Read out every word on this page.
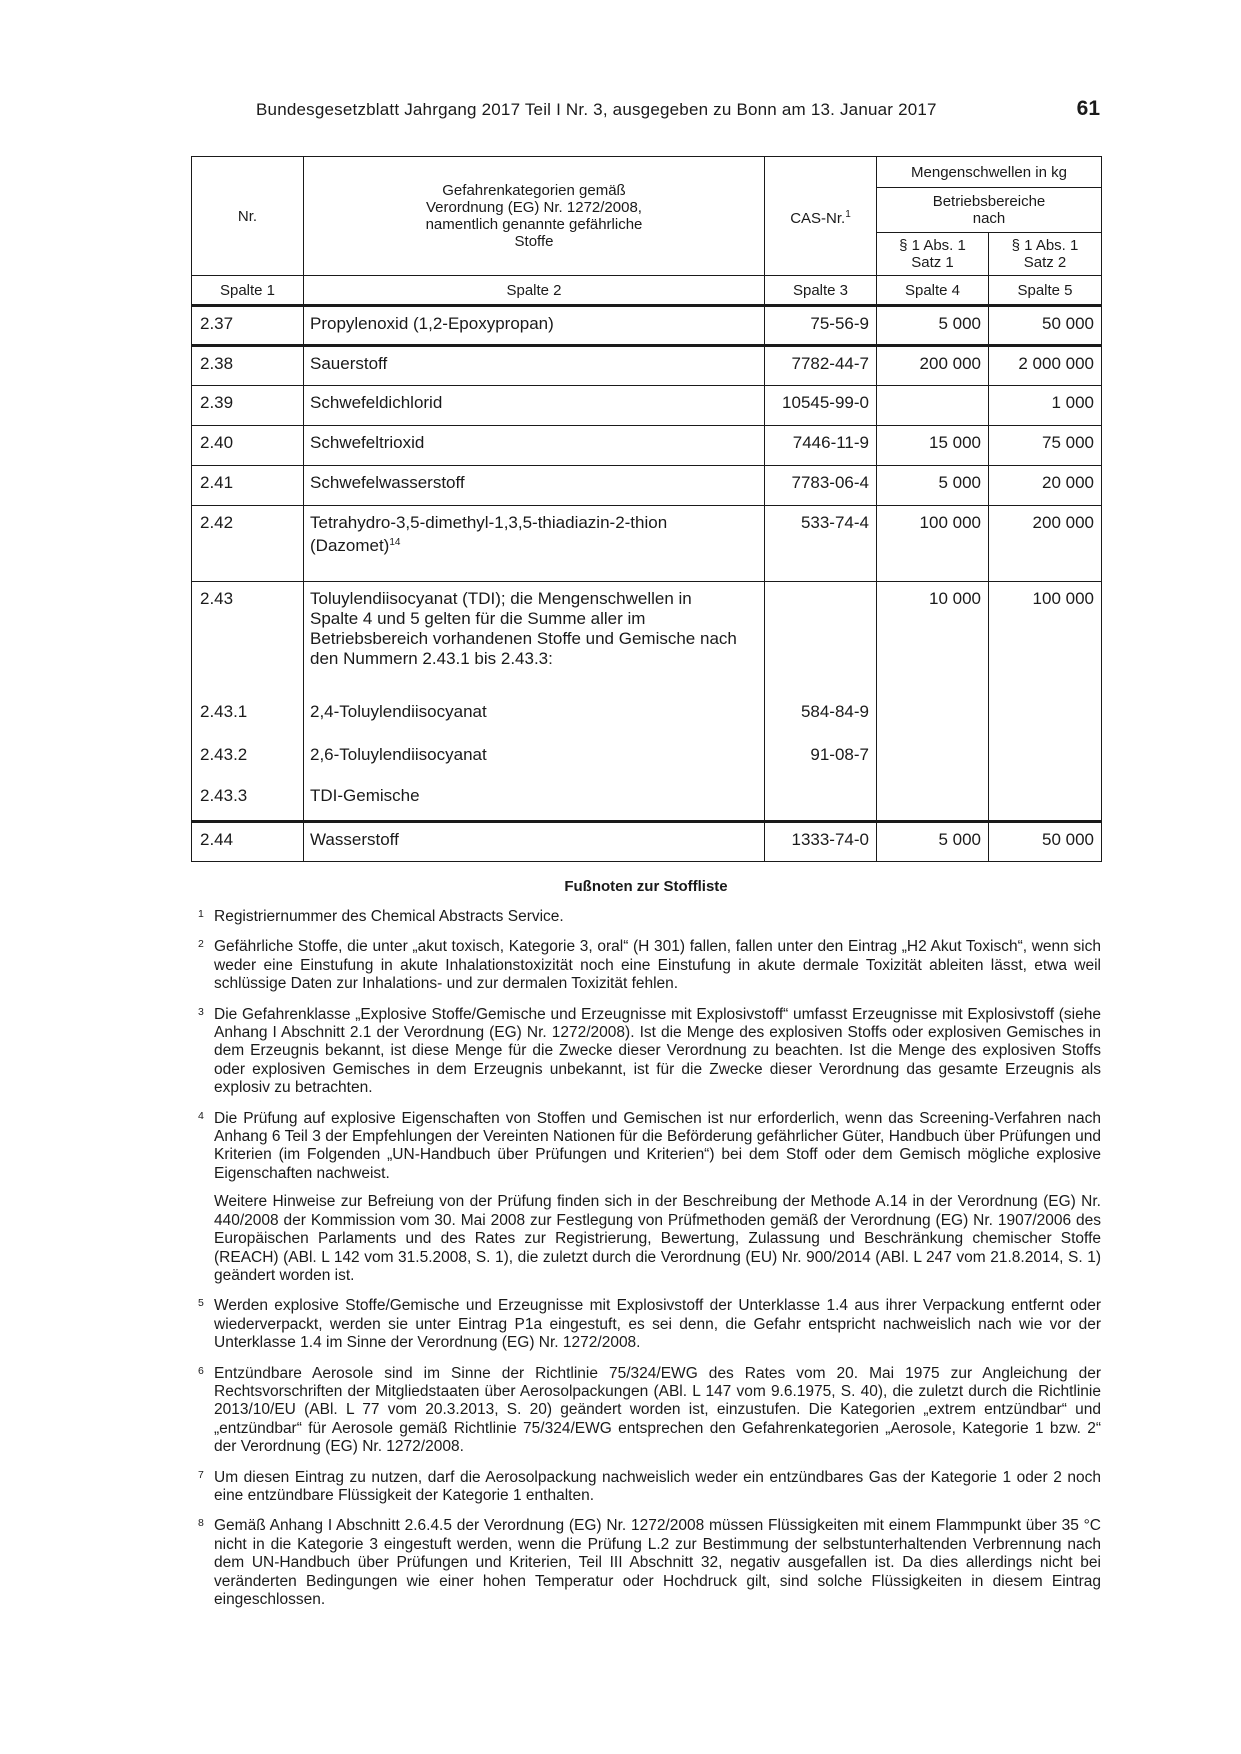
Bundesgesetzblatt Jahrgang 2017 Teil I Nr. 3, ausgegeben zu Bonn am 13. Januar 2017	61
Nr.	Gefahrenkategorien gemäß Verordnung (EG) Nr. 1272/2008, namentlich genannte gefährliche Stoffe	CAS-Nr.$^1$	Mengenschwellen in kg	
			Betriebsbereiche nach	
			§ 1 Abs. 1 Satz 1	§ 1 Abs. 1 Satz 2
Spalte 1	Spalte 2	Spalte 3	Spalte 4	Spalte 5
2.37	Propylenoxid (1,2-Epoxypropan)	75-56-9	5 000	50 000
2.38	Sauerstoff	7782-44-7	200 000	2 000 000
2.39	Schwefeldichlorid	10545-99-0		1 000
2.40	Schwefeltrioxid	7446-11-9	15 000	75 000
2.41	Schwefelwasserstoff	7783-06-4	5 000	20 000
2.42	Tetrahydro-3,5-dimethyl-1,3,5-thiadiazin-2-thion (Dazomet)$^{14}$	533-74-4	100 000	200 000
2.43	Toluylendiisocyanat (TDI); die Mengenschwellen in Spalte 4 und 5 gelten für die Summe aller im Betriebsbereich vorhandenen Stoffe und Gemische nach den Nummern 2.43.1 bis 2.43.3:		10 000	100 000
2.43.1	2,4-Toluylendiisocyanat	584-84-9		
2.43.2	2,6-Toluylendiisocyanat	91-08-7		
2.43.3	TDI-Gemische			
2.44	Wasserstoff	1333-74-0	5 000	50 000
Fußnoten zur Stoffliste
1 Registriernummer des Chemical Abstracts Service.
2 Gefährliche Stoffe, die unter „akut toxisch, Kategorie 3, oral“ (H 301) fallen, fallen unter den Eintrag „H2 Akut Toxisch“, wenn sich weder eine Einstufung in akute Inhalationstoxizität noch eine Einstufung in akute dermale Toxizität ableiten lässt, etwa weil schlüssige Daten zur Inhalations- und zur dermalen Toxizität fehlen.
3 Die Gefahrenklasse „Explosive Stoffe/Gemische und Erzeugnisse mit Explosivstoff“ umfasst Erzeugnisse mit Explosivstoff (siehe Anhang I Abschnitt 2.1 der Verordnung (EG) Nr. 1272/2008). Ist die Menge des explosiven Stoffs oder explosiven Gemisches in dem Erzeugnis bekannt, ist diese Menge für die Zwecke dieser Verordnung zu beachten. Ist die Menge des explosiven Stoffs oder explosiven Gemisches in dem Erzeugnis unbekannt, ist für die Zwecke dieser Verordnung das gesamte Erzeugnis als explosiv zu betrachten.
4 Die Prüfung auf explosive Eigenschaften von Stoffen und Gemischen ist nur erforderlich, wenn das Screening-Verfahren nach Anhang 6 Teil 3 der Empfehlungen der Vereinten Nationen für die Beförderung gefährlicher Güter, Handbuch über Prüfungen und Kriterien (im Folgenden „UN-Handbuch über Prüfungen und Kriterien“) bei dem Stoff oder dem Gemisch mögliche explosive Eigenschaften nachweist.
Weitere Hinweise zur Befreiung von der Prüfung finden sich in der Beschreibung der Methode A.14 in der Verordnung (EG) Nr. 440/2008 der Kommission vom 30. Mai 2008 zur Festlegung von Prüfmethoden gemäß der Verordnung (EG) Nr. 1907/2006 des Europäischen Parlaments und des Rates zur Registrierung, Bewertung, Zulassung und Beschränkung chemischer Stoffe (REACH) (ABl. L 142 vom 31.5.2008, S. 1), die zuletzt durch die Verordnung (EU) Nr. 900/2014 (ABl. L 247 vom 21.8.2014, S. 1) geändert worden ist.
5 Werden explosive Stoffe/Gemische und Erzeugnisse mit Explosivstoff der Unterklasse 1.4 aus ihrer Verpackung entfernt oder wiederverpackt, werden sie unter Eintrag P1a eingestuft, es sei denn, die Gefahr entspricht nachweislich nach wie vor der Unterklasse 1.4 im Sinne der Verordnung (EG) Nr. 1272/2008.
6 Entzündbare Aerosole sind im Sinne der Richtlinie 75/324/EWG des Rates vom 20. Mai 1975 zur Angleichung der Rechtsvorschriften der Mitgliedstaaten über Aerosolpackungen (ABl. L 147 vom 9.6.1975, S. 40), die zuletzt durch die Richtlinie 2013/10/EU (ABl. L 77 vom 20.3.2013, S. 20) geändert worden ist, einzustufen. Die Kategorien „extrem entzündbar“ und „entzündbar“ für Aerosole gemäß Richtlinie 75/324/EWG entsprechen den Gefahrenkategorien „Aerosole, Kategorie 1 bzw. 2“ der Verordnung (EG) Nr. 1272/2008.
7 Um diesen Eintrag zu nutzen, darf die Aerosolpackung nachweislich weder ein entzündbares Gas der Kategorie 1 oder 2 noch eine entzündbare Flüssigkeit der Kategorie 1 enthalten.
8 Gemäß Anhang I Abschnitt 2.6.4.5 der Verordnung (EG) Nr. 1272/2008 müssen Flüssigkeiten mit einem Flammpunkt über 35 °C nicht in die Kategorie 3 eingestuft werden, wenn die Prüfung L.2 zur Bestimmung der selbstunterhaltenden Verbrennung nach dem UN-Handbuch über Prüfungen und Kriterien, Teil III Abschnitt 32, negativ ausgefallen ist. Da dies allerdings nicht bei veränderten Bedingungen wie einer hohen Temperatur oder Hochdruck gilt, sind solche Flüssigkeiten in diesem Eintrag eingeschlossen.
